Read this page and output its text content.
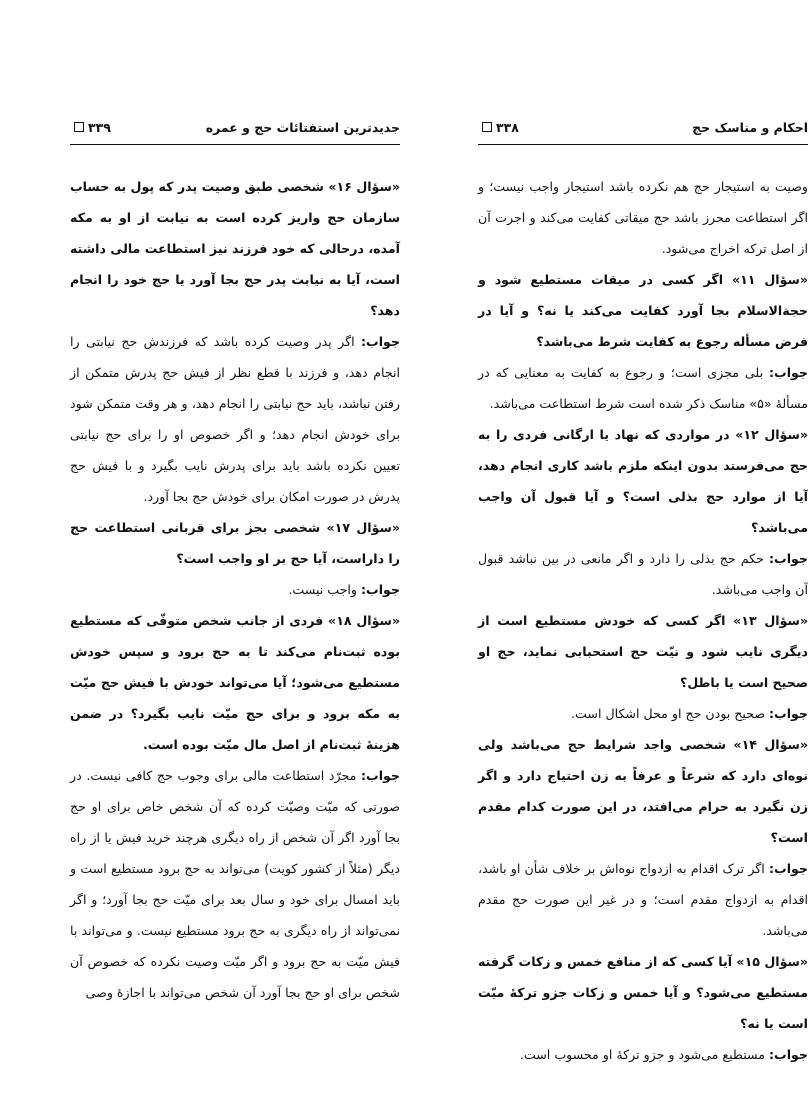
جدیدترین استفتائات حج و عمره
۳۳۹

«سؤال ۱۶» شخصی طبق وصیت پدر که پول به حساب سازمان حج واریز کرده است به نیابت از او به مکه آمده، درحالی که خود فرزند نیز استطاعت مالی داشته است، آیا به نیابت پدر حج بجا آورد یا حج خود را انجام دهد؟

جواب: اگر پدر وصیت کرده باشد که فرزندش حج نیابتی را انجام دهد، و فرزند با قطع نظر از فیش حج پدرش متمکن از رفتن نباشد، باید حج نیابتی را انجام دهد، و هر وقت متمکن شود برای خودش انجام دهد؛ و اگر خصوص او را برای حج نیابتی تعیین نکرده باشد باید برای پدرش نایب بگیرد و با فیش حج پدرش در صورت امکان برای خودش حج بجا آورد.

«سؤال ۱۷» شخصی بجز برای قربانی استطاعت حج را داراست، آیا حج بر او واجب است؟

جواب: واجب نیست.

«سؤال ۱۸» فردی از جانب شخص متوفّی که مستطیع بوده ثبت‌نام می‌کند تا به حج برود و سپس خودش مستطیع می‌شود؛ آیا می‌تواند خودش با فیش حج میّت به مکه برود و برای حج میّت نایب بگیرد؟ در ضمن هزینهٔ ثبت‌نام از اصل مال میّت بوده است.

جواب: مجرّد استطاعت مالی برای وجوب حج کافی نیست. در صورتی که میّت وصیّت کرده که آن شخص خاص برای او حج بجا آورد اگر آن شخص از راه دیگری هرچند خرید فیش یا از راه دیگر (مثلاً از کشور کویت) می‌تواند به حج برود مستطیع است و باید امسال برای خود و سال بعد برای میّت حج بجا آورد؛ و اگر نمی‌تواند از راه دیگری به حج برود مستطیع نیست. و می‌تواند با فیش میّت به حج برود و اگر میّت وصیت نکرده که خصوص آن شخص برای او حج بجا آورد آن شخص می‌تواند با اجازهٔ وصی

احکام و مناسک حج
۳۳۸

وصیت به استیجار حج هم نکرده باشد استیجار واجب نیست؛ و اگر استطاعت محرز باشد حج میقاتی کفایت می‌کند و اجرت آن از اصل ترکه اخراج می‌شود.

«سؤال ۱۱» اگر کسی در میقات مستطیع شود و حجةالاسلام بجا آورد کفایت می‌کند یا نه؟ و آیا در فرض مسأله رجوع به کفایت شرط می‌باشد؟

جواب: بلی مجزی است؛ و رجوع به کفایت به معنایی که در مسألهٔ «۵» مناسک ذکر شده است شرط استطاعت می‌باشد.

«سؤال ۱۲» در مواردی که نهاد یا ارگانی فردی را به حج می‌فرستد بدون اینکه ملزم باشد کاری انجام دهد، آیا از موارد حج بذلی است؟ و آیا قبول آن واجب می‌باشد؟

جواب: حکم حج بذلی را دارد و اگر مانعی در بین نباشد قبول آن واجب می‌باشد.

«سؤال ۱۳» اگر کسی که خودش مستطیع است از دیگری نایب شود و نیّت حج استحبابی نماید، حج او صحیح است یا باطل؟

جواب: صحیح بودن حج او محل اشکال است.

«سؤال ۱۴» شخصی واجد شرایط حج می‌باشد ولی نوه‌ای دارد که شرعاً و عرفاً به زن احتیاج دارد و اگر زن نگیرد به حرام می‌افتد، در این صورت کدام مقدم است؟

جواب: اگر ترک اقدام به ازدواج نوه‌اش بر خلاف شأن او باشد، اقدام به ازدواج مقدم است؛ و در غیر این صورت حج مقدم می‌باشد.

«سؤال ۱۵» آیا کسی که از منافع خمس و زکات گرفته مستطیع می‌شود؟ و آیا خمس و زکات جزو ترکهٔ میّت است یا نه؟

جواب: مستطیع می‌شود و جزو ترکهٔ او محسوب است.
